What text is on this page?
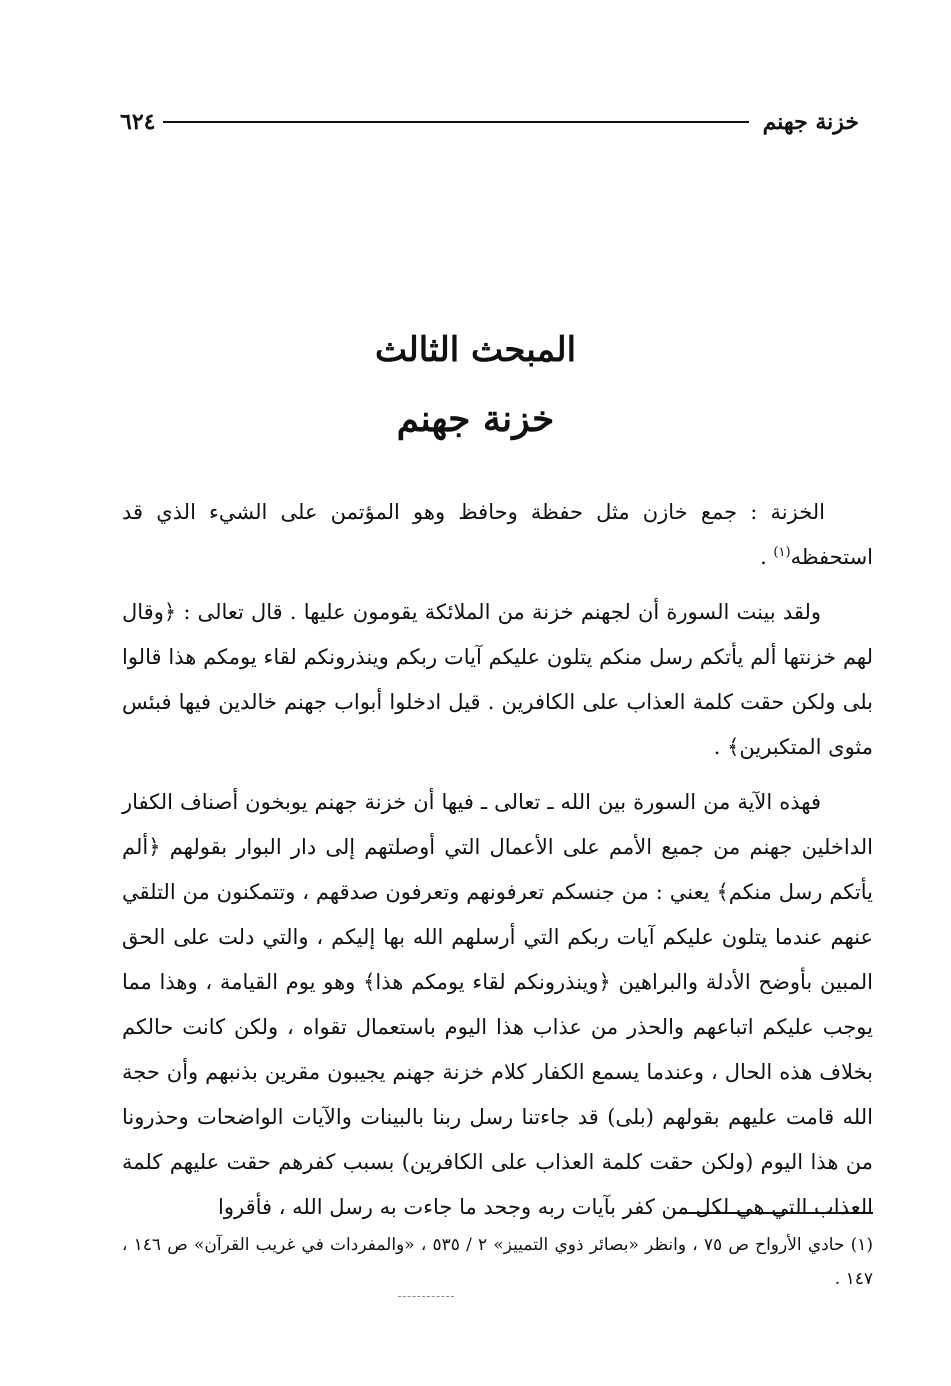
خزنة جهنم
٦٢٤
المبحث الثالث
خزنة جهنم

الخزنة : جمع خازن مثل حفظة وحافظ وهو المؤتمن على الشيء الذي قد استحفظه$^{(١)}$ .

ولقد بينت السورة أن لجهنم خزنة من الملائكة يقومون عليها . قال تعالى : ﴿وقال لهم خزنتها ألم يأتكم رسل منكم يتلون عليكم آيات ربكم وينذرونكم لقاء يومكم هذا قالوا بلى ولكن حقت كلمة العذاب على الكافرين . قيل ادخلوا أبواب جهنم خالدين فيها فبئس مثوى المتكبرين﴾ .

فهذه الآية من السورة بين الله ـ تعالى ـ فيها أن خزنة جهنم يوبخون أصناف الكفار الداخلين جهنم من جميع الأمم على الأعمال التي أوصلتهم إلى دار البوار بقولهم ﴿ألم يأتكم رسل منكم﴾ يعني : من جنسكم تعرفونهم وتعرفون صدقهم ، وتتمكنون من التلقي عنهم عندما يتلون عليكم آيات ربكم التي أرسلهم الله بها إليكم ، والتي دلت على الحق المبين بأوضح الأدلة والبراهين ﴿وينذرونكم لقاء يومكم هذا﴾ وهو يوم القيامة ، وهذا مما يوجب عليكم اتباعهم والحذر من عذاب هذا اليوم باستعمال تقواه ، ولكن كانت حالكم بخلاف هذه الحال ، وعندما يسمع الكفار كلام خزنة جهنم يجيبون مقرين بذنبهم وأن حجة الله قامت عليهم بقولهم (بلى) قد جاءتنا رسل ربنا بالبينات والآيات الواضحات وحذرونا من هذا اليوم (ولكن حقت كلمة العذاب على الكافرين) بسبب كفرهم حقت عليهم كلمة العذاب التي هي لكل من كفر بآيات ربه وجحد ما جاءت به رسل الله ، فأقروا

(١) حادي الأرواح ص ٧٥ ، وانظر «بصائر ذوي التمييز» ٢ / ٥٣٥ ، «والمفردات في غريب القرآن» ص ١٤٦ ، ١٤٧ .
